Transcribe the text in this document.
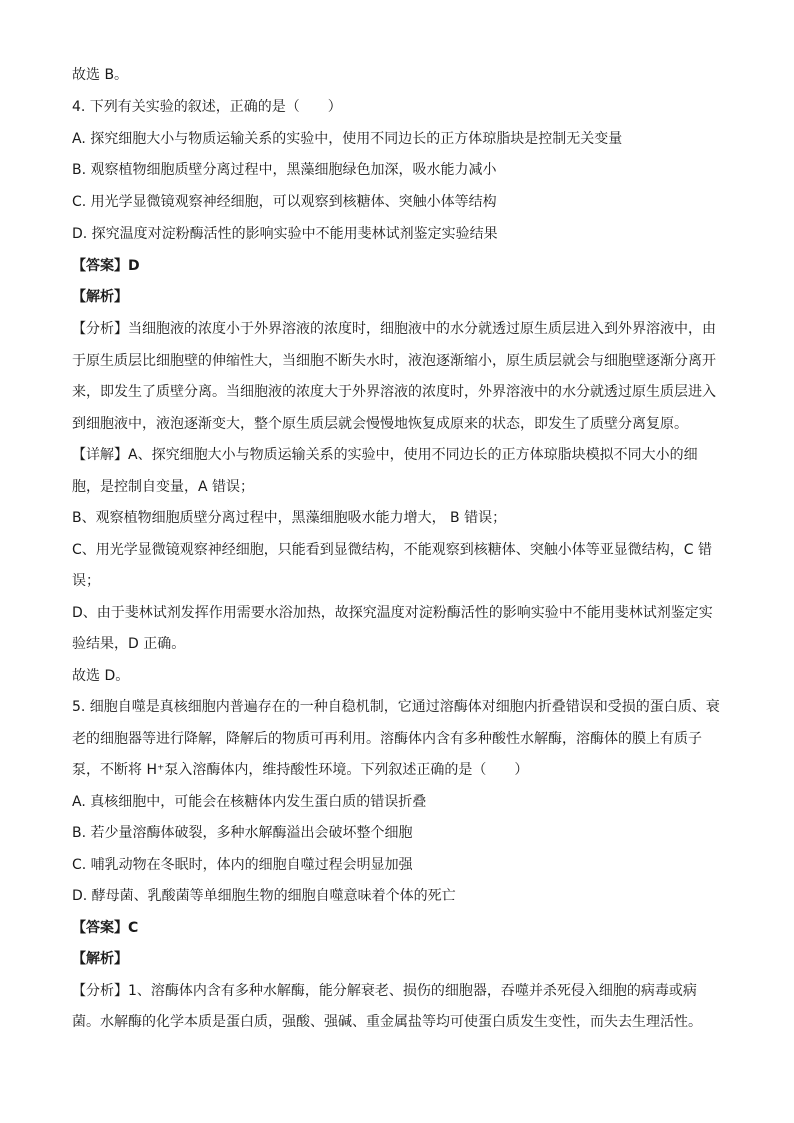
故选 B。
4. 下列有关实验的叙述，正确的是（　　）
A. 探究细胞大小与物质运输关系的实验中，使用不同边长的正方体琼脂块是控制无关变量
B. 观察植物细胞质壁分离过程中，黑藻细胞绿色加深，吸水能力减小
C. 用光学显微镜观察神经细胞，可以观察到核糖体、突触小体等结构
D. 探究温度对淀粉酶活性的影响实验中不能用斐林试剂鉴定实验结果
【答案】D
【解析】
【分析】当细胞液的浓度小于外界溶液的浓度时，细胞液中的水分就透过原生质层进入到外界溶液中，由
于原生质层比细胞壁的伸缩性大，当细胞不断失水时，液泡逐渐缩小，原生质层就会与细胞壁逐渐分离开
来，即发生了质壁分离。当细胞液的浓度大于外界溶液的浓度时，外界溶液中的水分就透过原生质层进入
到细胞液中，液泡逐渐变大，整个原生质层就会慢慢地恢复成原来的状态，即发生了质壁分离复原。
【详解】A、探究细胞大小与物质运输关系的实验中，使用不同边长的正方体琼脂块模拟不同大小的细
胞，是控制自变量，A 错误；
B、观察植物细胞质壁分离过程中，黑藻细胞吸水能力增大， B 错误；
C、用光学显微镜观察神经细胞，只能看到显微结构，不能观察到核糖体、突触小体等亚显微结构，C 错
误；
D、由于斐林试剂发挥作用需要水浴加热，故探究温度对淀粉酶活性的影响实验中不能用斐林试剂鉴定实
验结果，D 正确。
故选 D。
5. 细胞自噬是真核细胞内普遍存在的一种自稳机制，它通过溶酶体对细胞内折叠错误和受损的蛋白质、衰
老的细胞器等进行降解，降解后的物质可再利用。溶酶体内含有多种酸性水解酶，溶酶体的膜上有质子
泵，不断将 H⁺泵入溶酶体内，维持酸性环境。下列叙述正确的是（　　）
A. 真核细胞中，可能会在核糖体内发生蛋白质的错误折叠
B. 若少量溶酶体破裂，多种水解酶溢出会破坏整个细胞
C. 哺乳动物在冬眠时，体内的细胞自噬过程会明显加强
D. 酵母菌、乳酸菌等单细胞生物的细胞自噬意味着个体的死亡
【答案】C
【解析】
【分析】1、溶酶体内含有多种水解酶，能分解衰老、损伤的细胞器，吞噬并杀死侵入细胞的病毒或病
菌。水解酶的化学本质是蛋白质，强酸、强碱、重金属盐等均可使蛋白质发生变性，而失去生理活性。
